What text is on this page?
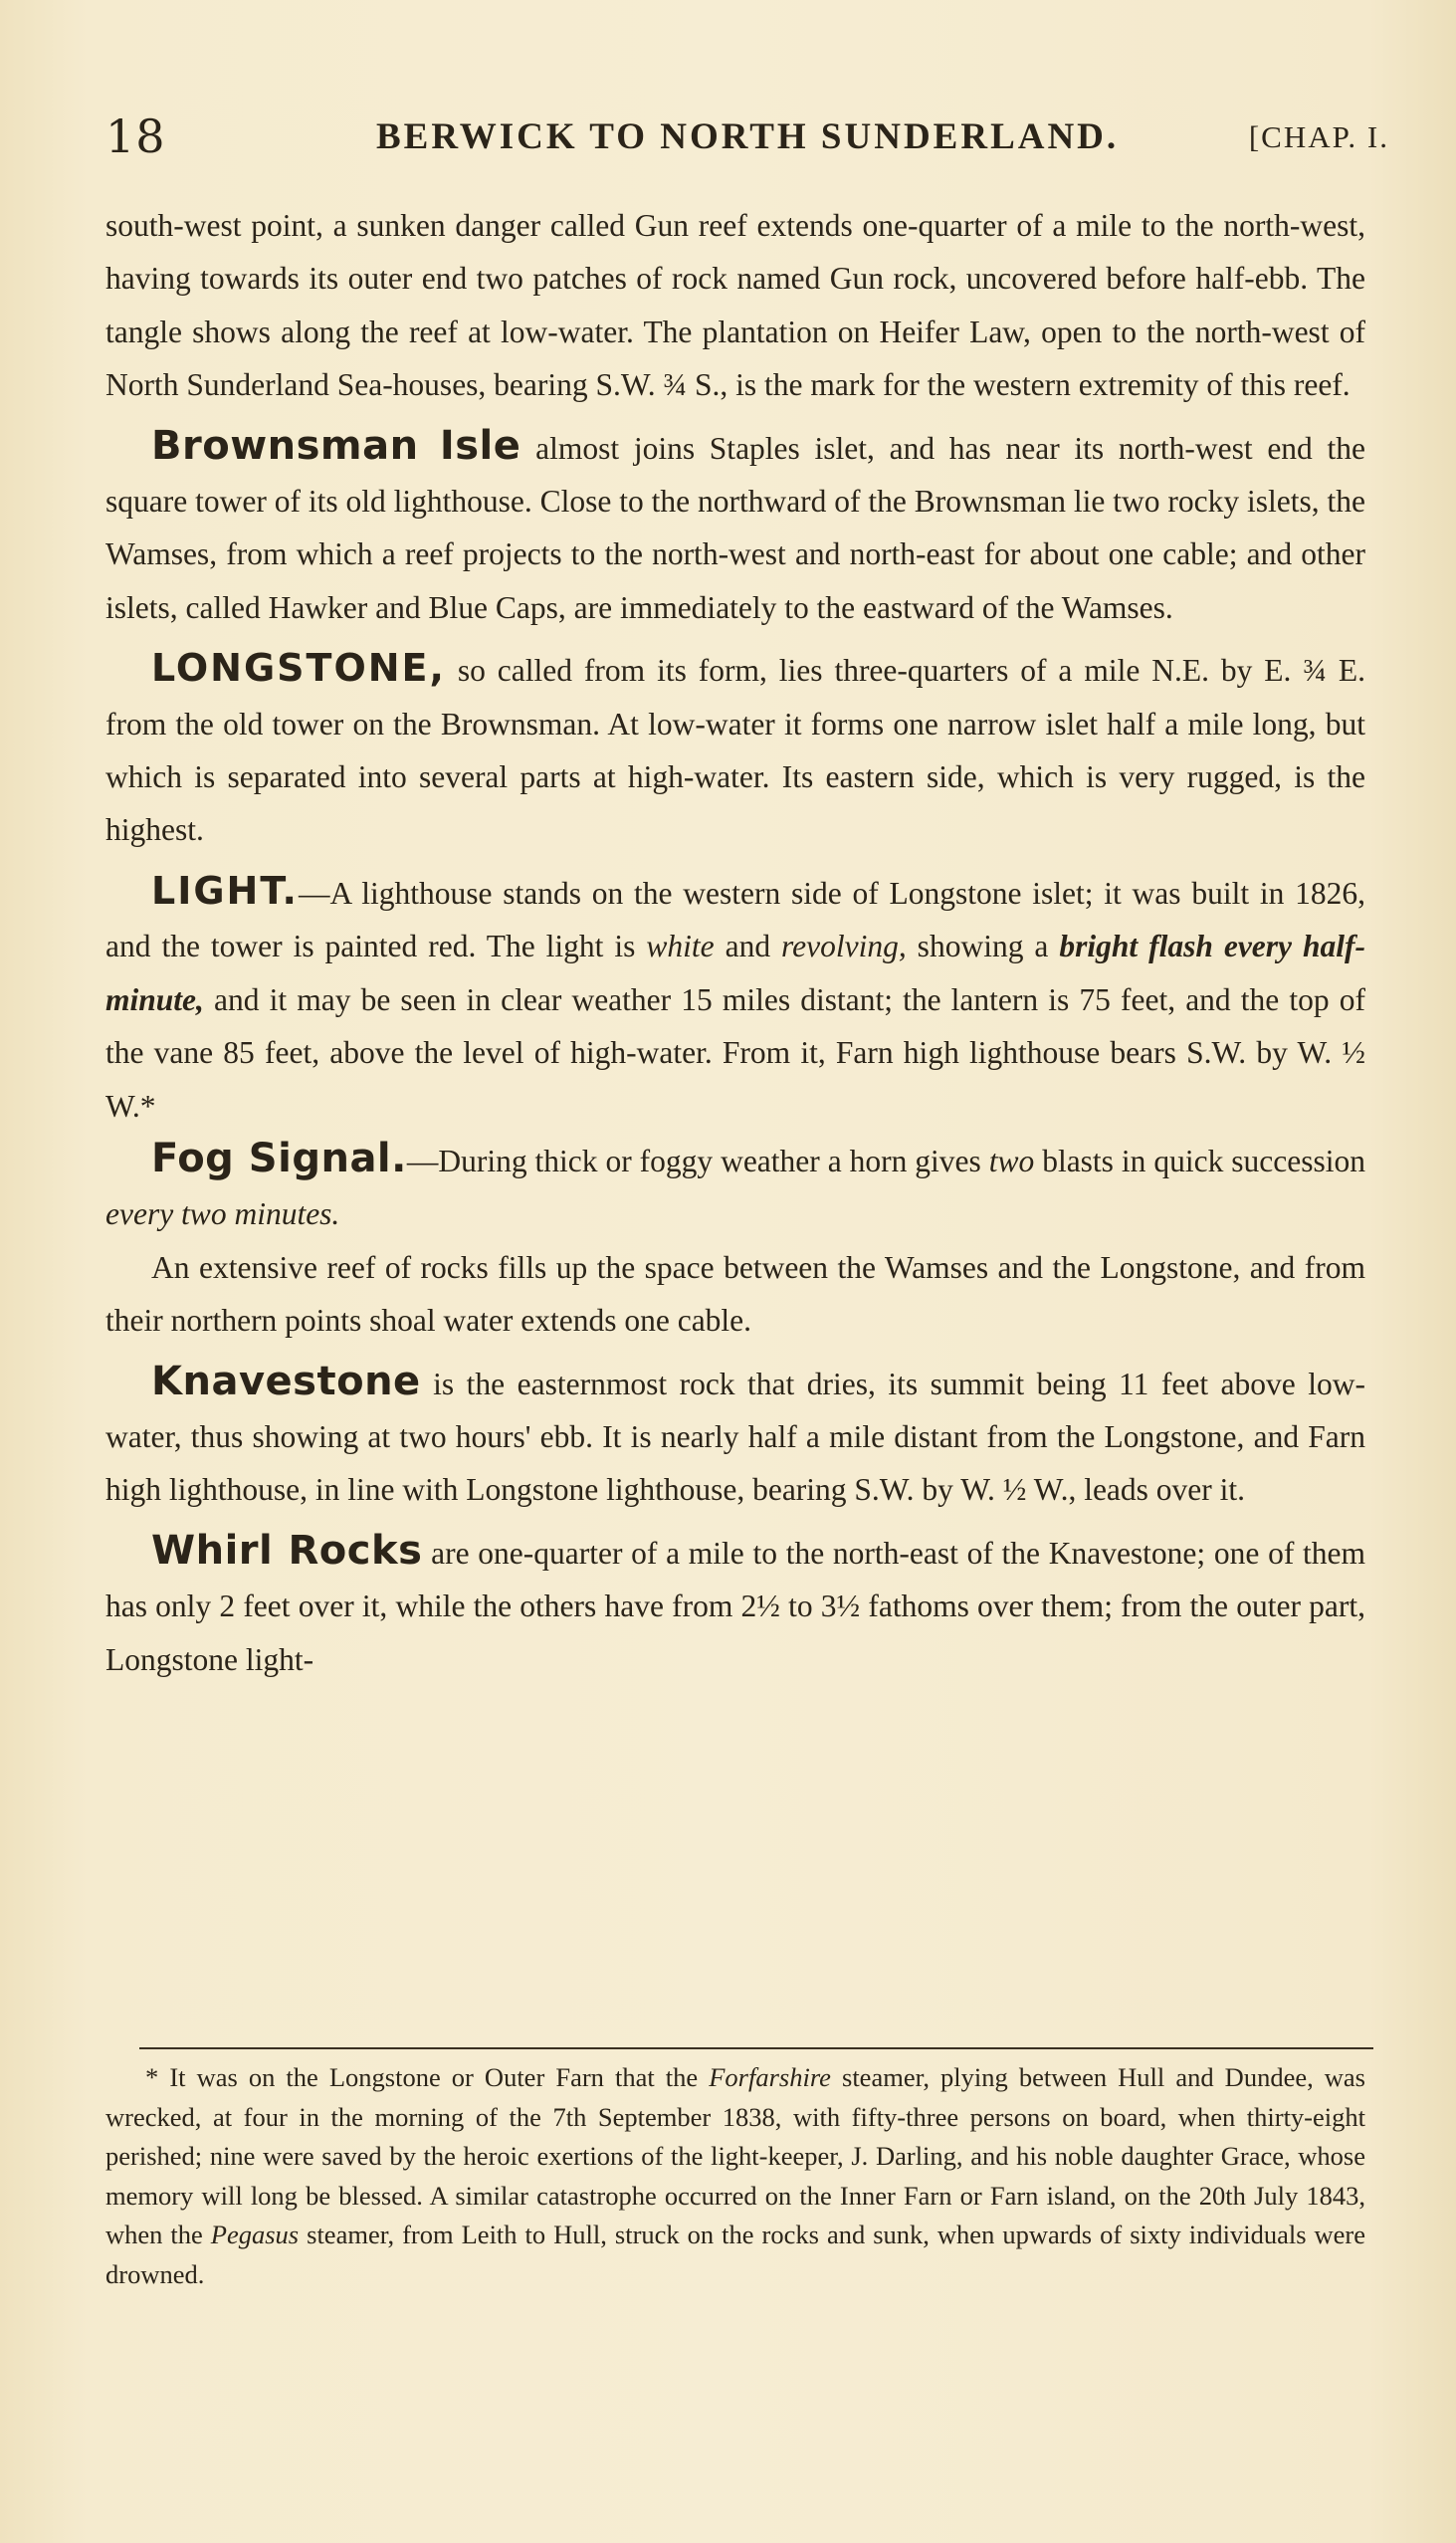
18	BERWICK TO NORTH SUNDERLAND.	[CHAP. I.

south-west point, a sunken danger called Gun reef extends one-quarter of a mile to the north-west, having towards its outer end two patches of rock named Gun rock, uncovered before half-ebb. The tangle shows along the reef at low-water. The plantation on Heifer Law, open to the north-west of North Sunderland Sea-houses, bearing S.W. ¾ S., is the mark for the western extremity of this reef.

Brownsman Isle almost joins Staples islet, and has near its north-west end the square tower of its old lighthouse. Close to the northward of the Brownsman lie two rocky islets, the Wamses, from which a reef projects to the north-west and north-east for about one cable; and other islets, called Hawker and Blue Caps, are immediately to the eastward of the Wamses.

LONGSTONE, so called from its form, lies three-quarters of a mile N.E. by E. ¾ E. from the old tower on the Brownsman. At low-water it forms one narrow islet half a mile long, but which is separated into several parts at high-water. Its eastern side, which is very rugged, is the highest.

LIGHT.—A lighthouse stands on the western side of Longstone islet; it was built in 1826, and the tower is painted red. The light is white and revolving, showing a bright flash every half-minute, and it may be seen in clear weather 15 miles distant; the lantern is 75 feet, and the top of the vane 85 feet, above the level of high-water. From it, Farn high lighthouse bears S.W. by W. ½ W.*

Fog Signal.—During thick or foggy weather a horn gives two blasts in quick succession every two minutes.

An extensive reef of rocks fills up the space between the Wamses and the Longstone, and from their northern points shoal water extends one cable.

Knavestone is the easternmost rock that dries, its summit being 11 feet above low-water, thus showing at two hours' ebb. It is nearly half a mile distant from the Longstone, and Farn high lighthouse, in line with Longstone lighthouse, bearing S.W. by W. ½ W., leads over it.

Whirl Rocks are one-quarter of a mile to the north-east of the Knavestone; one of them has only 2 feet over it, while the others have from 2½ to 3½ fathoms over them; from the outer part, Longstone light-

* It was on the Longstone or Outer Farn that the Forfarshire steamer, plying between Hull and Dundee, was wrecked, at four in the morning of the 7th September 1838, with fifty-three persons on board, when thirty-eight perished; nine were saved by the heroic exertions of the light-keeper, J. Darling, and his noble daughter Grace, whose memory will long be blessed. A similar catastrophe occurred on the Inner Farn or Farn island, on the 20th July 1843, when the Pegasus steamer, from Leith to Hull, struck on the rocks and sunk, when upwards of sixty individuals were drowned.
